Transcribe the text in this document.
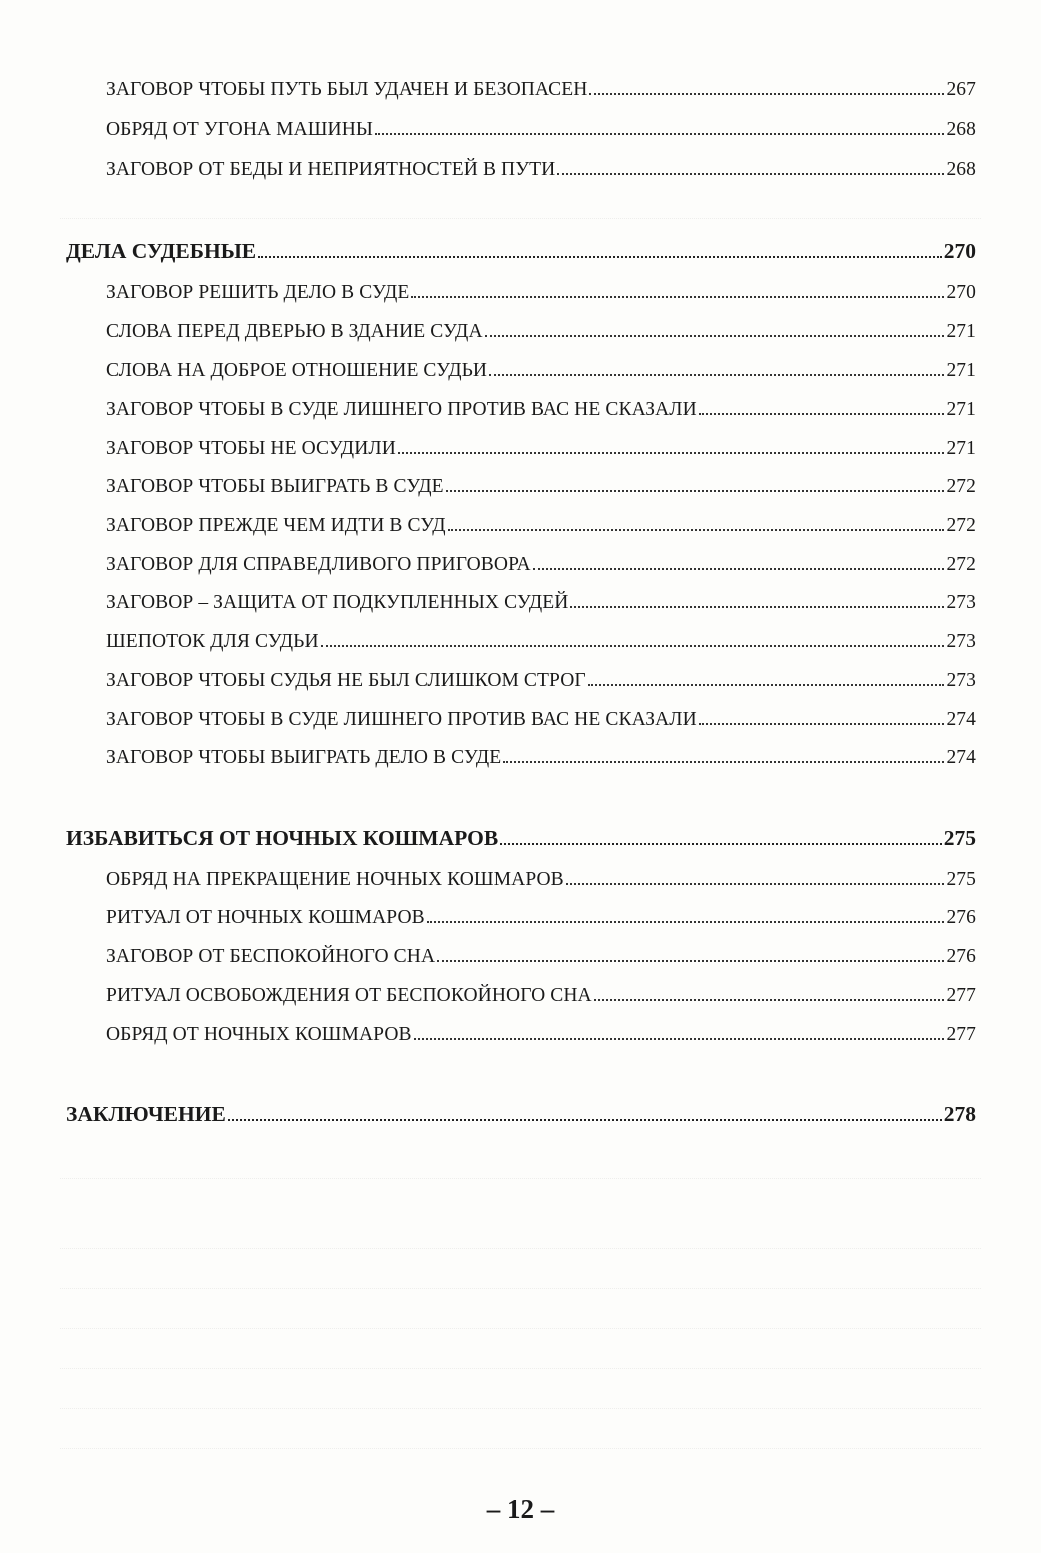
ЗАГОВОР ЧТОБЫ ПУТЬ БЫЛ УДАЧЕН И БЕЗОПАСЕН	267
ОБРЯД ОТ УГОНА МАШИНЫ	268
ЗАГОВОР ОТ БЕДЫ И НЕПРИЯТНОСТЕЙ В ПУТИ	268
ДЕЛА СУДЕБНЫЕ	270
ЗАГОВОР РЕШИТЬ ДЕЛО В СУДЕ	270
СЛОВА ПЕРЕД ДВЕРЬЮ В ЗДАНИЕ СУДА	271
СЛОВА НА ДОБРОЕ ОТНОШЕНИЕ СУДЬИ	271
ЗАГОВОР ЧТОБЫ В СУДЕ ЛИШНЕГО ПРОТИВ ВАС НЕ СКАЗАЛИ	271
ЗАГОВОР ЧТОБЫ НЕ ОСУДИЛИ	271
ЗАГОВОР ЧТОБЫ ВЫИГРАТЬ В СУДЕ	272
ЗАГОВОР ПРЕЖДЕ ЧЕМ ИДТИ В СУД	272
ЗАГОВОР ДЛЯ СПРАВЕДЛИВОГО ПРИГОВОРА	272
ЗАГОВОР – ЗАЩИТА ОТ ПОДКУПЛЕННЫХ СУДЕЙ	273
ШЕПОТОК ДЛЯ СУДЬИ	273
ЗАГОВОР ЧТОБЫ СУДЬЯ НЕ БЫЛ СЛИШКОМ СТРОГ	273
ЗАГОВОР ЧТОБЫ В СУДЕ ЛИШНЕГО ПРОТИВ ВАС НЕ СКАЗАЛИ	274
ЗАГОВОР ЧТОБЫ ВЫИГРАТЬ ДЕЛО В СУДЕ	274
ИЗБАВИТЬСЯ ОТ НОЧНЫХ КОШМАРОВ	275
ОБРЯД НА ПРЕКРАЩЕНИЕ НОЧНЫХ КОШМАРОВ	275
РИТУАЛ ОТ НОЧНЫХ КОШМАРОВ	276
ЗАГОВОР ОТ БЕСПОКОЙНОГО СНА	276
РИТУАЛ ОСВОБОЖДЕНИЯ ОТ БЕСПОКОЙНОГО СНА	277
ОБРЯД ОТ НОЧНЫХ КОШМАРОВ	277
ЗАКЛЮЧЕНИЕ	278
– 12 –
